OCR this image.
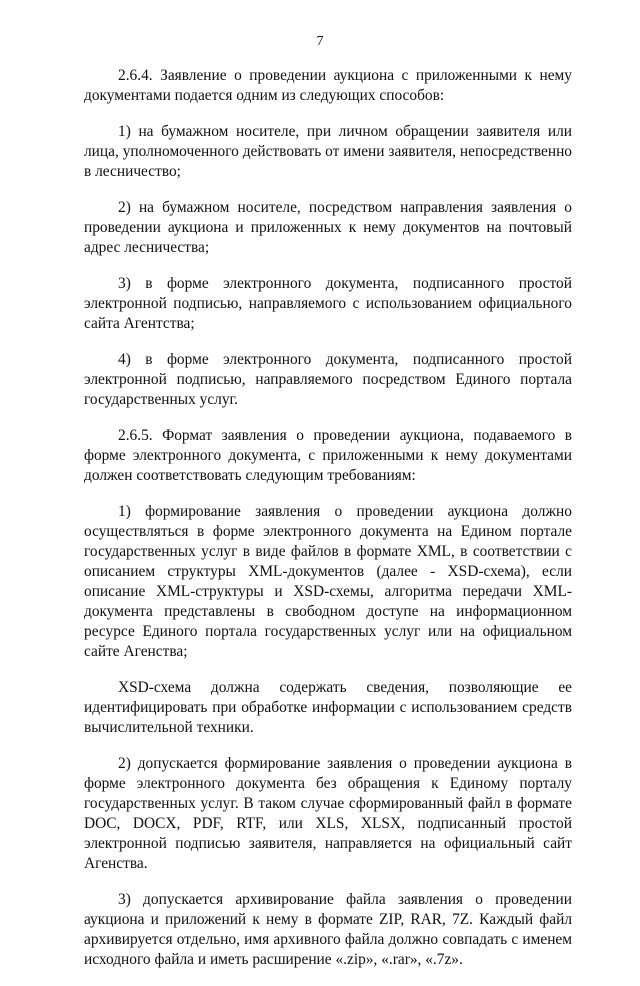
7

2.6.4. Заявление о проведении аукциона с приложенными к нему документами подается одним из следующих способов:

1) на бумажном носителе, при личном обращении заявителя или лица, уполномоченного действовать от имени заявителя, непосредственно в лесничество;

2) на бумажном носителе, посредством направления заявления о проведении аукциона и приложенных к нему документов на почтовый адрес лесничества;

3) в форме электронного документа, подписанного простой электронной подписью, направляемого с использованием официального сайта Агентства;

4) в форме электронного документа, подписанного простой электронной подписью, направляемого посредством Единого портала государственных услуг.

2.6.5. Формат заявления о проведении аукциона, подаваемого в форме электронного документа, с приложенными к нему документами должен соответствовать следующим требованиям:

1) формирование заявления о проведении аукциона должно осуществляться в форме электронного документа на Едином портале государственных услуг в виде файлов в формате XML, в соответствии с описанием структуры XML-документов (далее - XSD-схема), если описание XML-структуры и XSD-схемы, алгоритма передачи XML-документа представлены в свободном доступе на информационном ресурсе Единого портала государственных услуг или на официальном сайте Агенства;

XSD-схема должна содержать сведения, позволяющие ее идентифицировать при обработке информации с использованием средств вычислительной техники.

2) допускается формирование заявления о проведении аукциона в форме электронного документа без обращения к Единому порталу государственных услуг. В таком случае сформированный файл в формате DOC, DOCX, PDF, RTF, или XLS, XLSX, подписанный простой электронной подписью заявителя, направляется на официальный сайт Агенства.

3) допускается архивирование файла заявления о проведении аукциона и приложений к нему в формате ZIP, RAR, 7Z. Каждый файл архивируется отдельно, имя архивного файла должно совпадать с именем исходного файла и иметь расширение «.zip», «.rar», «.7z».
